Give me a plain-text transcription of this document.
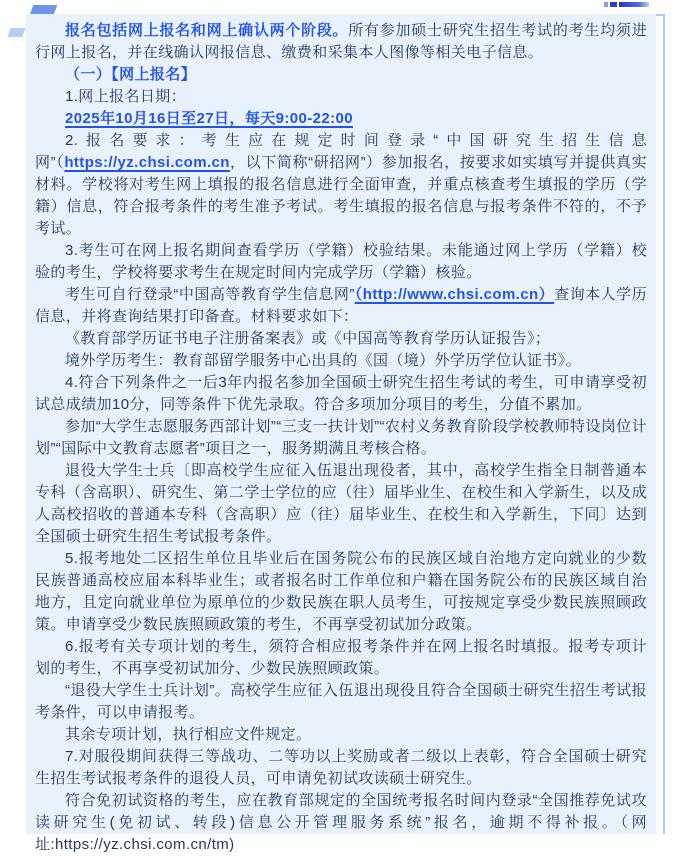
报名包括网上报名和网上确认两个阶段。所有参加硕士研究生招生考试的考生均须进行网上报名，并在线确认网报信息、缴费和采集本人图像等相关电子信息。

（一）【网上报名】

1.网上报名日期：

2025年10月16日至27日，每天9:00-22:00

2.报名要求：考生应在规定时间登录“中国研究生招生信息网”（https://yz.chsi.com.cn，以下简称“研招网”）参加报名，按要求如实填写并提供真实材料。学校将对考生网上填报的报名信息进行全面审查，并重点核查考生填报的学历（学籍）信息，符合报考条件的考生准予考试。考生填报的报名信息与报考条件不符的，不予考试。

3.考生可在网上报名期间查看学历（学籍）校验结果。未能通过网上学历（学籍）校验的考生，学校将要求考生在规定时间内完成学历（学籍）核验。

考生可自行登录“中国高等教育学生信息网”（http://www.chsi.com.cn）查询本人学历信息，并将查询结果打印备查。材料要求如下：

《教育部学历证书电子注册备案表》或《中国高等教育学历认证报告》；

境外学历考生：教育部留学服务中心出具的《国（境）外学历学位认证书》。

4.符合下列条件之一后3年内报名参加全国硕士研究生招生考试的考生，可申请享受初试总成绩加10分，同等条件下优先录取。符合多项加分项目的考生，分值不累加。

参加“大学生志愿服务西部计划”“三支一扶计划”“农村义务教育阶段学校教师特设岗位计划”“国际中文教育志愿者”项目之一，服务期满且考核合格。

退役大学生士兵〔即高校学生应征入伍退出现役者，其中，高校学生指全日制普通本专科（含高职）、研究生、第二学士学位的应（往）届毕业生、在校生和入学新生，以及成人高校招收的普通本专科（含高职）应（往）届毕业生、在校生和入学新生，下同〕达到全国硕士研究生招生考试报考条件。

5.报考地处二区招生单位且毕业后在国务院公布的民族区域自治地方定向就业的少数民族普通高校应届本科毕业生；或者报名时工作单位和户籍在国务院公布的民族区域自治地方，且定向就业单位为原单位的少数民族在职人员考生，可按规定享受少数民族照顾政策。申请享受少数民族照顾政策的考生，不再享受初试加分政策。

6.报考有关专项计划的考生，须符合相应报考条件并在网上报名时填报。报考专项计划的考生，不再享受初试加分、少数民族照顾政策。

“退役大学生士兵计划”。高校学生应征入伍退出现役且符合全国硕士研究生招生考试报考条件，可以申请报考。

其余专项计划，执行相应文件规定。

7.对服役期间获得三等战功、二等功以上奖励或者二级以上表彰，符合全国硕士研究生招生考试报考条件的退役人员，可申请免初试攻读硕士研究生。

符合免初试资格的考生，应在教育部规定的全国统考报名时间内登录“全国推荐免试攻读研究生(免初试、转段)信息公开管理服务系统”报名，逾期不得补报。（网址:https://yz.chsi.com.cn/tm)
